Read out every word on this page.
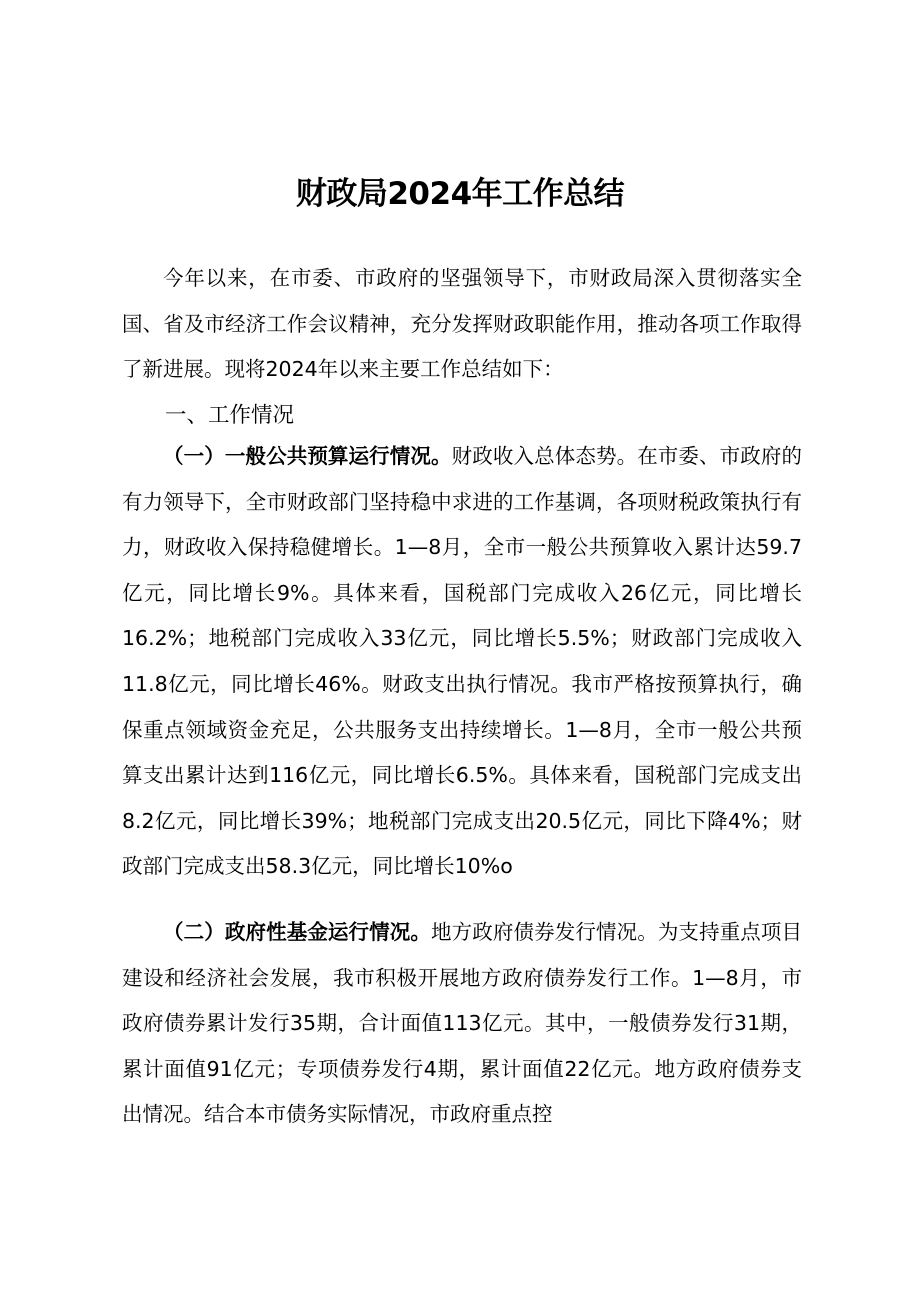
财政局2024年工作总结

今年以来，在市委、市政府的坚强领导下，市财政局深入贯彻落实全国、省及市经济工作会议精神，充分发挥财政职能作用，推动各项工作取得了新进展。现将2024年以来主要工作总结如下：

一、工作情况

（一）一般公共预算运行情况。财政收入总体态势。在市委、市政府的有力领导下，全市财政部门坚持稳中求进的工作基调，各项财税政策执行有力，财政收入保持稳健增长。1—8月，全市一般公共预算收入累计达59.7亿元，同比增长9%。具体来看，国税部门完成收入26亿元，同比增长16.2%；地税部门完成收入33亿元，同比增长5.5%；财政部门完成收入11.8亿元，同比增长46%。财政支出执行情况。我市严格按预算执行，确保重点领域资金充足，公共服务支出持续增长。1—8月，全市一般公共预算支出累计达到116亿元，同比增长6.5%。具体来看，国税部门完成支出8.2亿元，同比增长39%；地税部门完成支出20.5亿元，同比下降4%；财政部门完成支出58.3亿元，同比增长10%o

（二）政府性基金运行情况。地方政府债券发行情况。为支持重点项目建设和经济社会发展，我市积极开展地方政府债券发行工作。1—8月，市政府债券累计发行35期，合计面值113亿元。其中，一般债券发行31期，累计面值91亿元；专项债券发行4期，累计面值22亿元。地方政府债券支出情况。结合本市债务实际情况，市政府重点控
